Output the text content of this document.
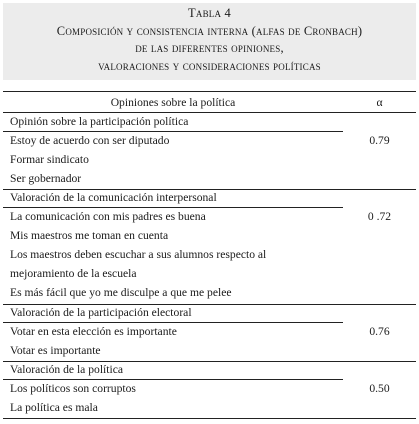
Tabla 4
Composición y consistencia interna (alfas de Cronbach)
de las diferentes opiniones,
valoraciones y consideraciones políticas
Opiniones sobre la política	α
Opinión sobre la participación política
Estoy de acuerdo con ser diputado
Formar sindicato
Ser gobernador
0.79
Valoración de la comunicación interpersonal
La comunicación con mis padres es buena
Mis maestros me toman en cuenta
Los maestros deben escuchar a sus alumnos respecto al
mejoramiento de la escuela
Es más fácil que yo me disculpe a que me pelee
0 .72
Valoración de la participación electoral
Votar en esta elección es importante
Votar es importante
0.76
Valoración de la política
Los políticos son corruptos
La política es mala
0.50
